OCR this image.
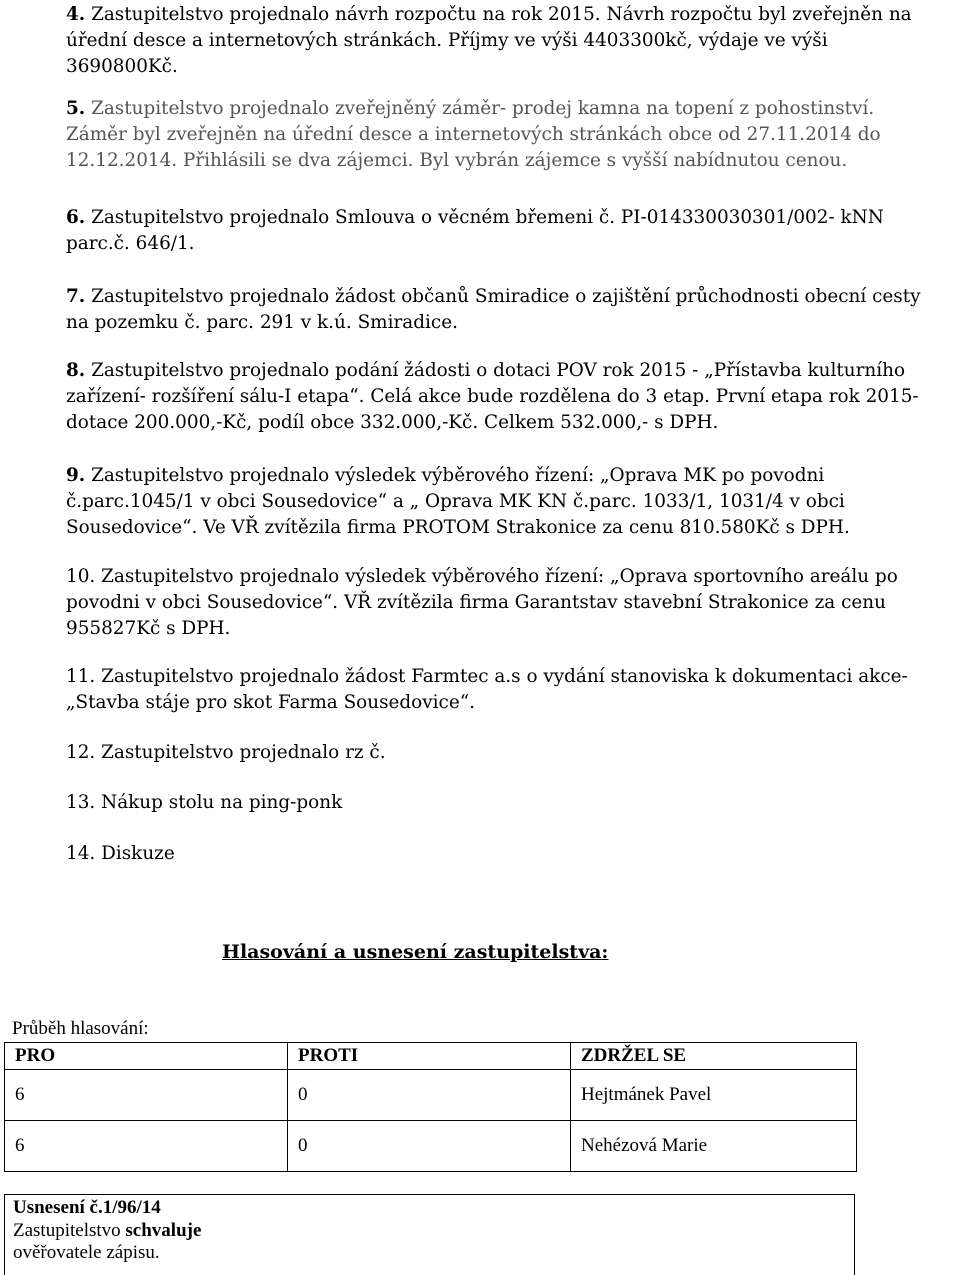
4. Zastupitelstvo projednalo návrh rozpočtu na rok 2015. Návrh rozpočtu byl zveřejněn na
úřední desce a internetových stránkách. Příjmy ve výši 4403300kč, výdaje ve výši
3690800Kč.
5. Zastupitelstvo projednalo zveřejněný záměr- prodej kamna na topení z pohostinství.
Záměr byl zveřejněn na úřední desce a internetových stránkách obce od 27.11.2014 do
12.12.2014. Přihlásili se dva zájemci. Byl vybrán zájemce s vyšší nabídnutou cenou.
6. Zastupitelstvo projednalo Smlouva o věcném břemeni č. PI-014330030301/002- kNN
parc.č. 646/1.
7. Zastupitelstvo projednalo žádost občanů Smiradice o zajištění průchodnosti obecní cesty
na pozemku č. parc. 291 v k.ú. Smiradice.
8. Zastupitelstvo projednalo podání žádosti o dotaci POV rok 2015 - „Přístavba kulturního
zařízení- rozšíření sálu-I etapa“. Celá akce bude rozdělena do 3 etap. První etapa rok 2015-
dotace 200.000,-Kč, podíl obce 332.000,-Kč. Celkem 532.000,- s DPH.
9. Zastupitelstvo projednalo výsledek výběrového řízení: „Oprava MK po povodni
č.parc.1045/1 v obci Sousedovice“ a „ Oprava MK KN č.parc. 1033/1, 1031/4 v obci
Sousedovice“. Ve VŘ zvítězila firma PROTOM Strakonice za cenu 810.580Kč s DPH.
10. Zastupitelstvo projednalo výsledek výběrového řízení: „Oprava sportovního areálu po
povodni v obci Sousedovice“. VŘ zvítězila firma Garantstav stavební Strakonice za cenu
955827Kč s DPH.
11. Zastupitelstvo projednalo žádost Farmtec a.s o vydání stanoviska k dokumentaci akce-
„Stavba stáje pro skot Farma Sousedovice“.
12. Zastupitelstvo projednalo rz č.
13. Nákup stolu na ping-ponk
14. Diskuze
Hlasování a usnesení zastupitelstva:
Průběh hlasování:
PRO	PROTI	ZDRŽEL SE
6	0	Hejtmánek Pavel
6	0	Nehézová Marie
Usnesení č.1/96/14
Zastupitelstvo schvaluje
ověřovatele zápisu.
